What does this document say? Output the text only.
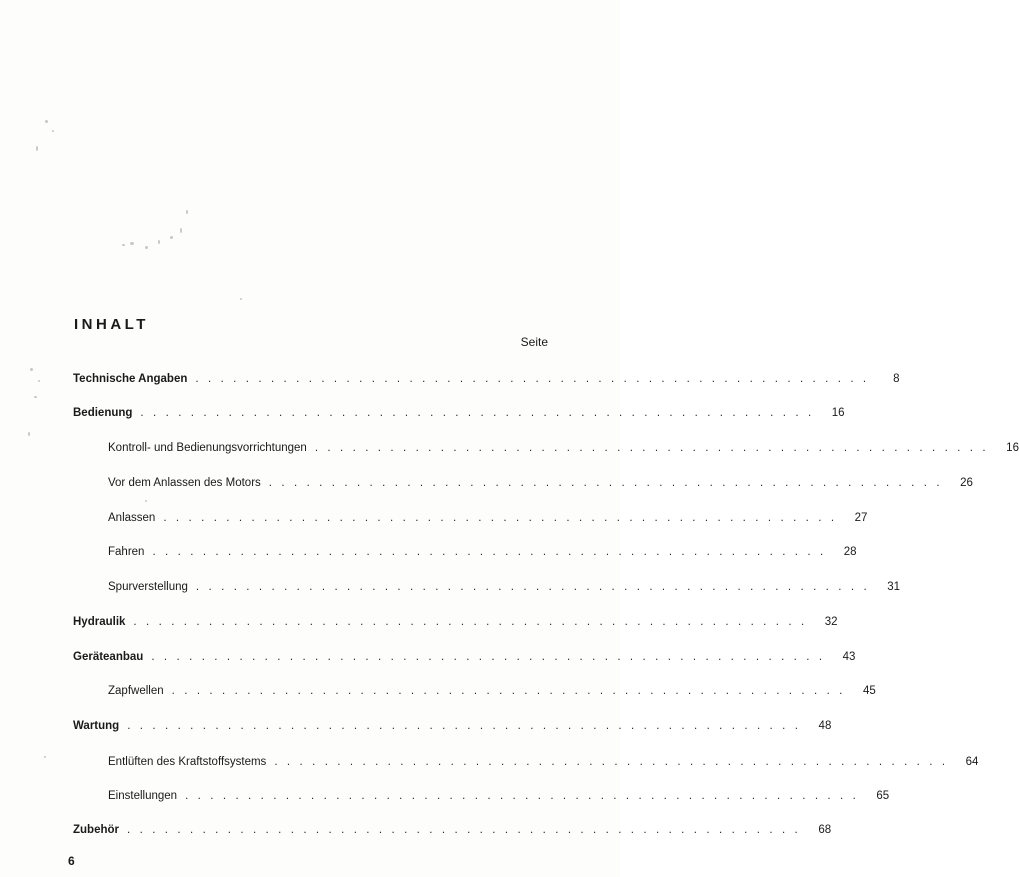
INHALT
Seite
Technische Angaben ......................................................	8
Bedienung ...................................................... 16
Kontroll- und Bedienungsvorrichtungen ...................................................... 16
Vor dem Anlassen des Motors ...................................................... 26
Anlassen ...................................................... 27
Fahren ...................................................... 28
Spurverstellung ...................................................... 31
Hydraulik ...................................................... 32
Geräteanbau ...................................................... 43
Zapfwellen ...................................................... 45
Wartung ...................................................... 48
Entlüften des Kraftstoffsystems ...................................................... 64
Einstellungen ...................................................... 65
Zubehör ...................................................... 68
6
